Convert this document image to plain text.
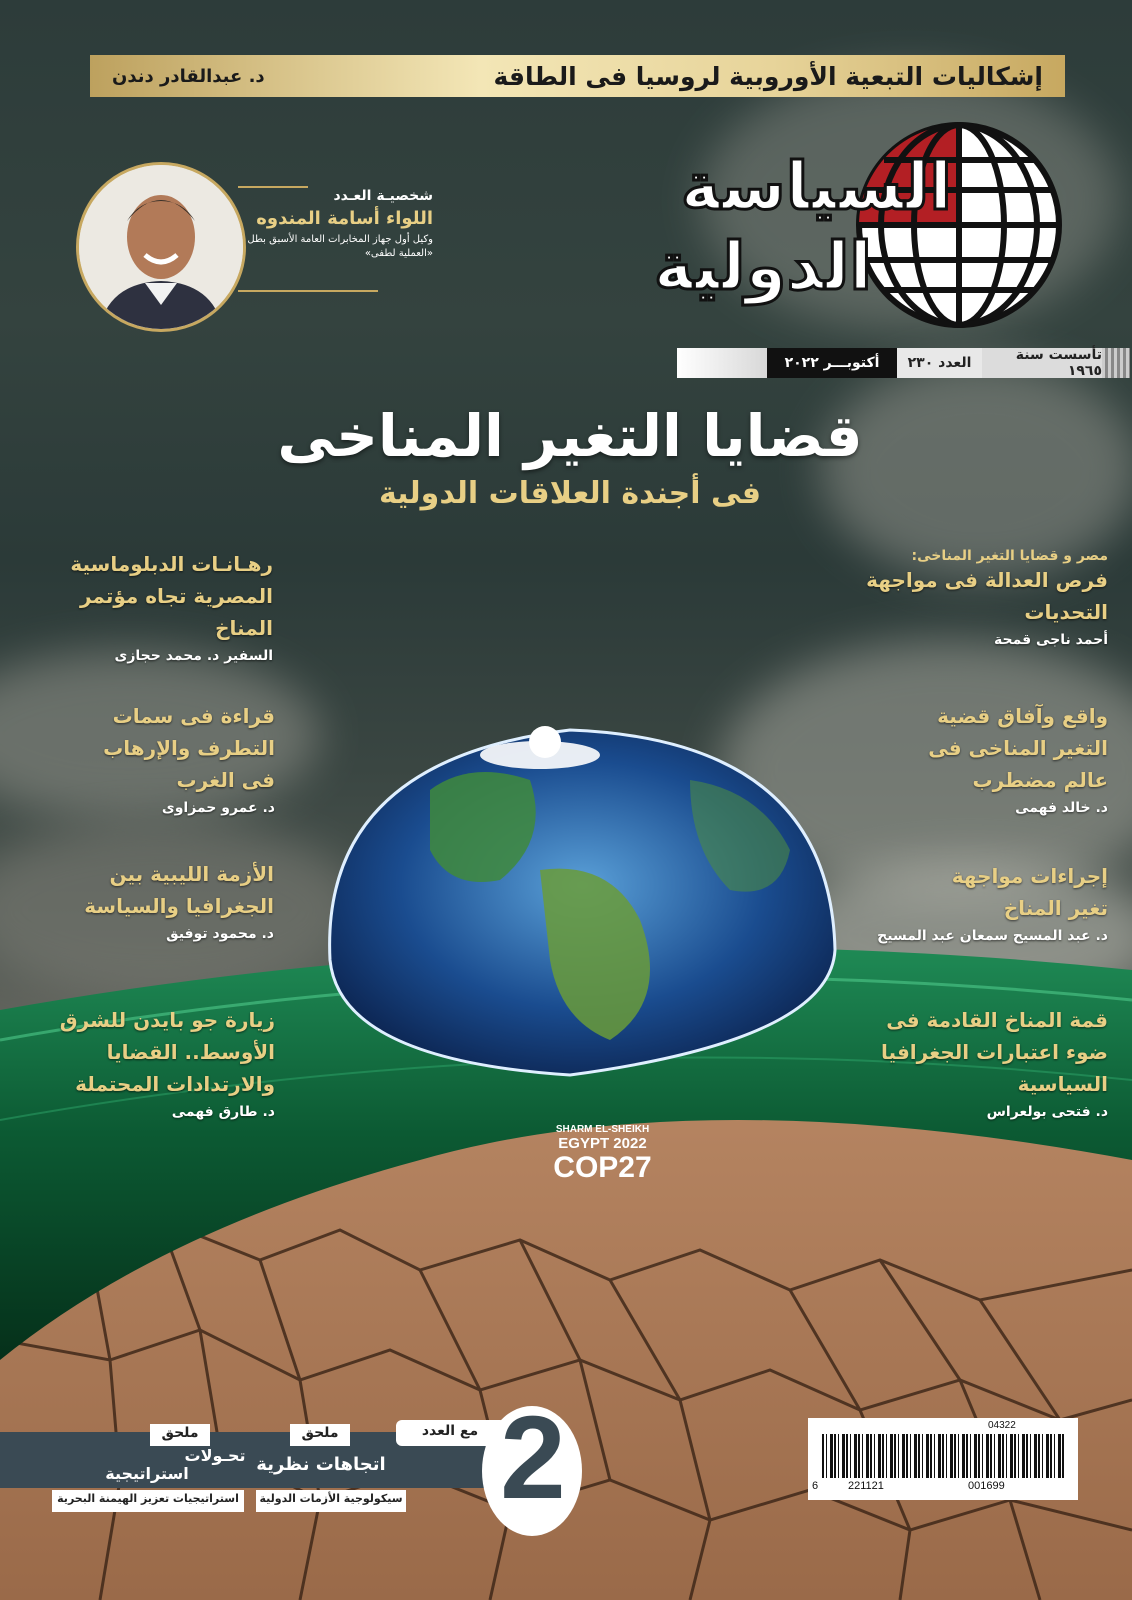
إشكاليات التبعية الأوروبية لروسيا فى الطاقة
د. عبدالقادر دندن
السياسة
الدولية
تأسست سنة ١٩٦٥
العدد ٢٣٠
أكتوبـــر ٢٠٢٢
شخصيـة العـدد
اللواء أسامة المندوه
وكيل أول جهاز المخابرات العامة الأسبق بطل «العملية لطفى»
قضايا التغير المناخى
فى أجندة العلاقات الدولية
مصر و قضايا التغير المناخى:
فرص العدالة فى مواجهة التحديات
أحمد ناجى قمحة
واقع وآفاق قضية التغير المناخى فى عالم مضطرب
د. خالد فهمى
إجراءات مواجهة تغير المناخ
د. عبد المسيح سمعان عبد المسيح
قمة المناخ القادمة فى ضوء اعتبارات الجغرافيا السياسية
د. فتحى بولعراس
رهـانـات الدبلوماسية المصرية تجاه مؤتمر المناخ
السفير د. محمد حجازى
قراءة فى سمات التطرف والإرهاب فى الغرب
د. عمرو حمزاوى
الأزمة الليبية بين الجغرافيا والسياسة
د. محمود توفيق
زيارة جو بايدن للشرق الأوسط.. القضايا والارتدادات المحتملة
د. طارق فهمى
SHARM EL-SHEIKH
EGYPT 2022
COP27
مع العدد 2
ملحق
اتجاهات نظرية
سيكولوجية الأزمات الدولية
ملحق
تحـولات
استراتيجية
استراتيجيات تعزيز الهيمنة البحرية
04322
6	221121	001699
